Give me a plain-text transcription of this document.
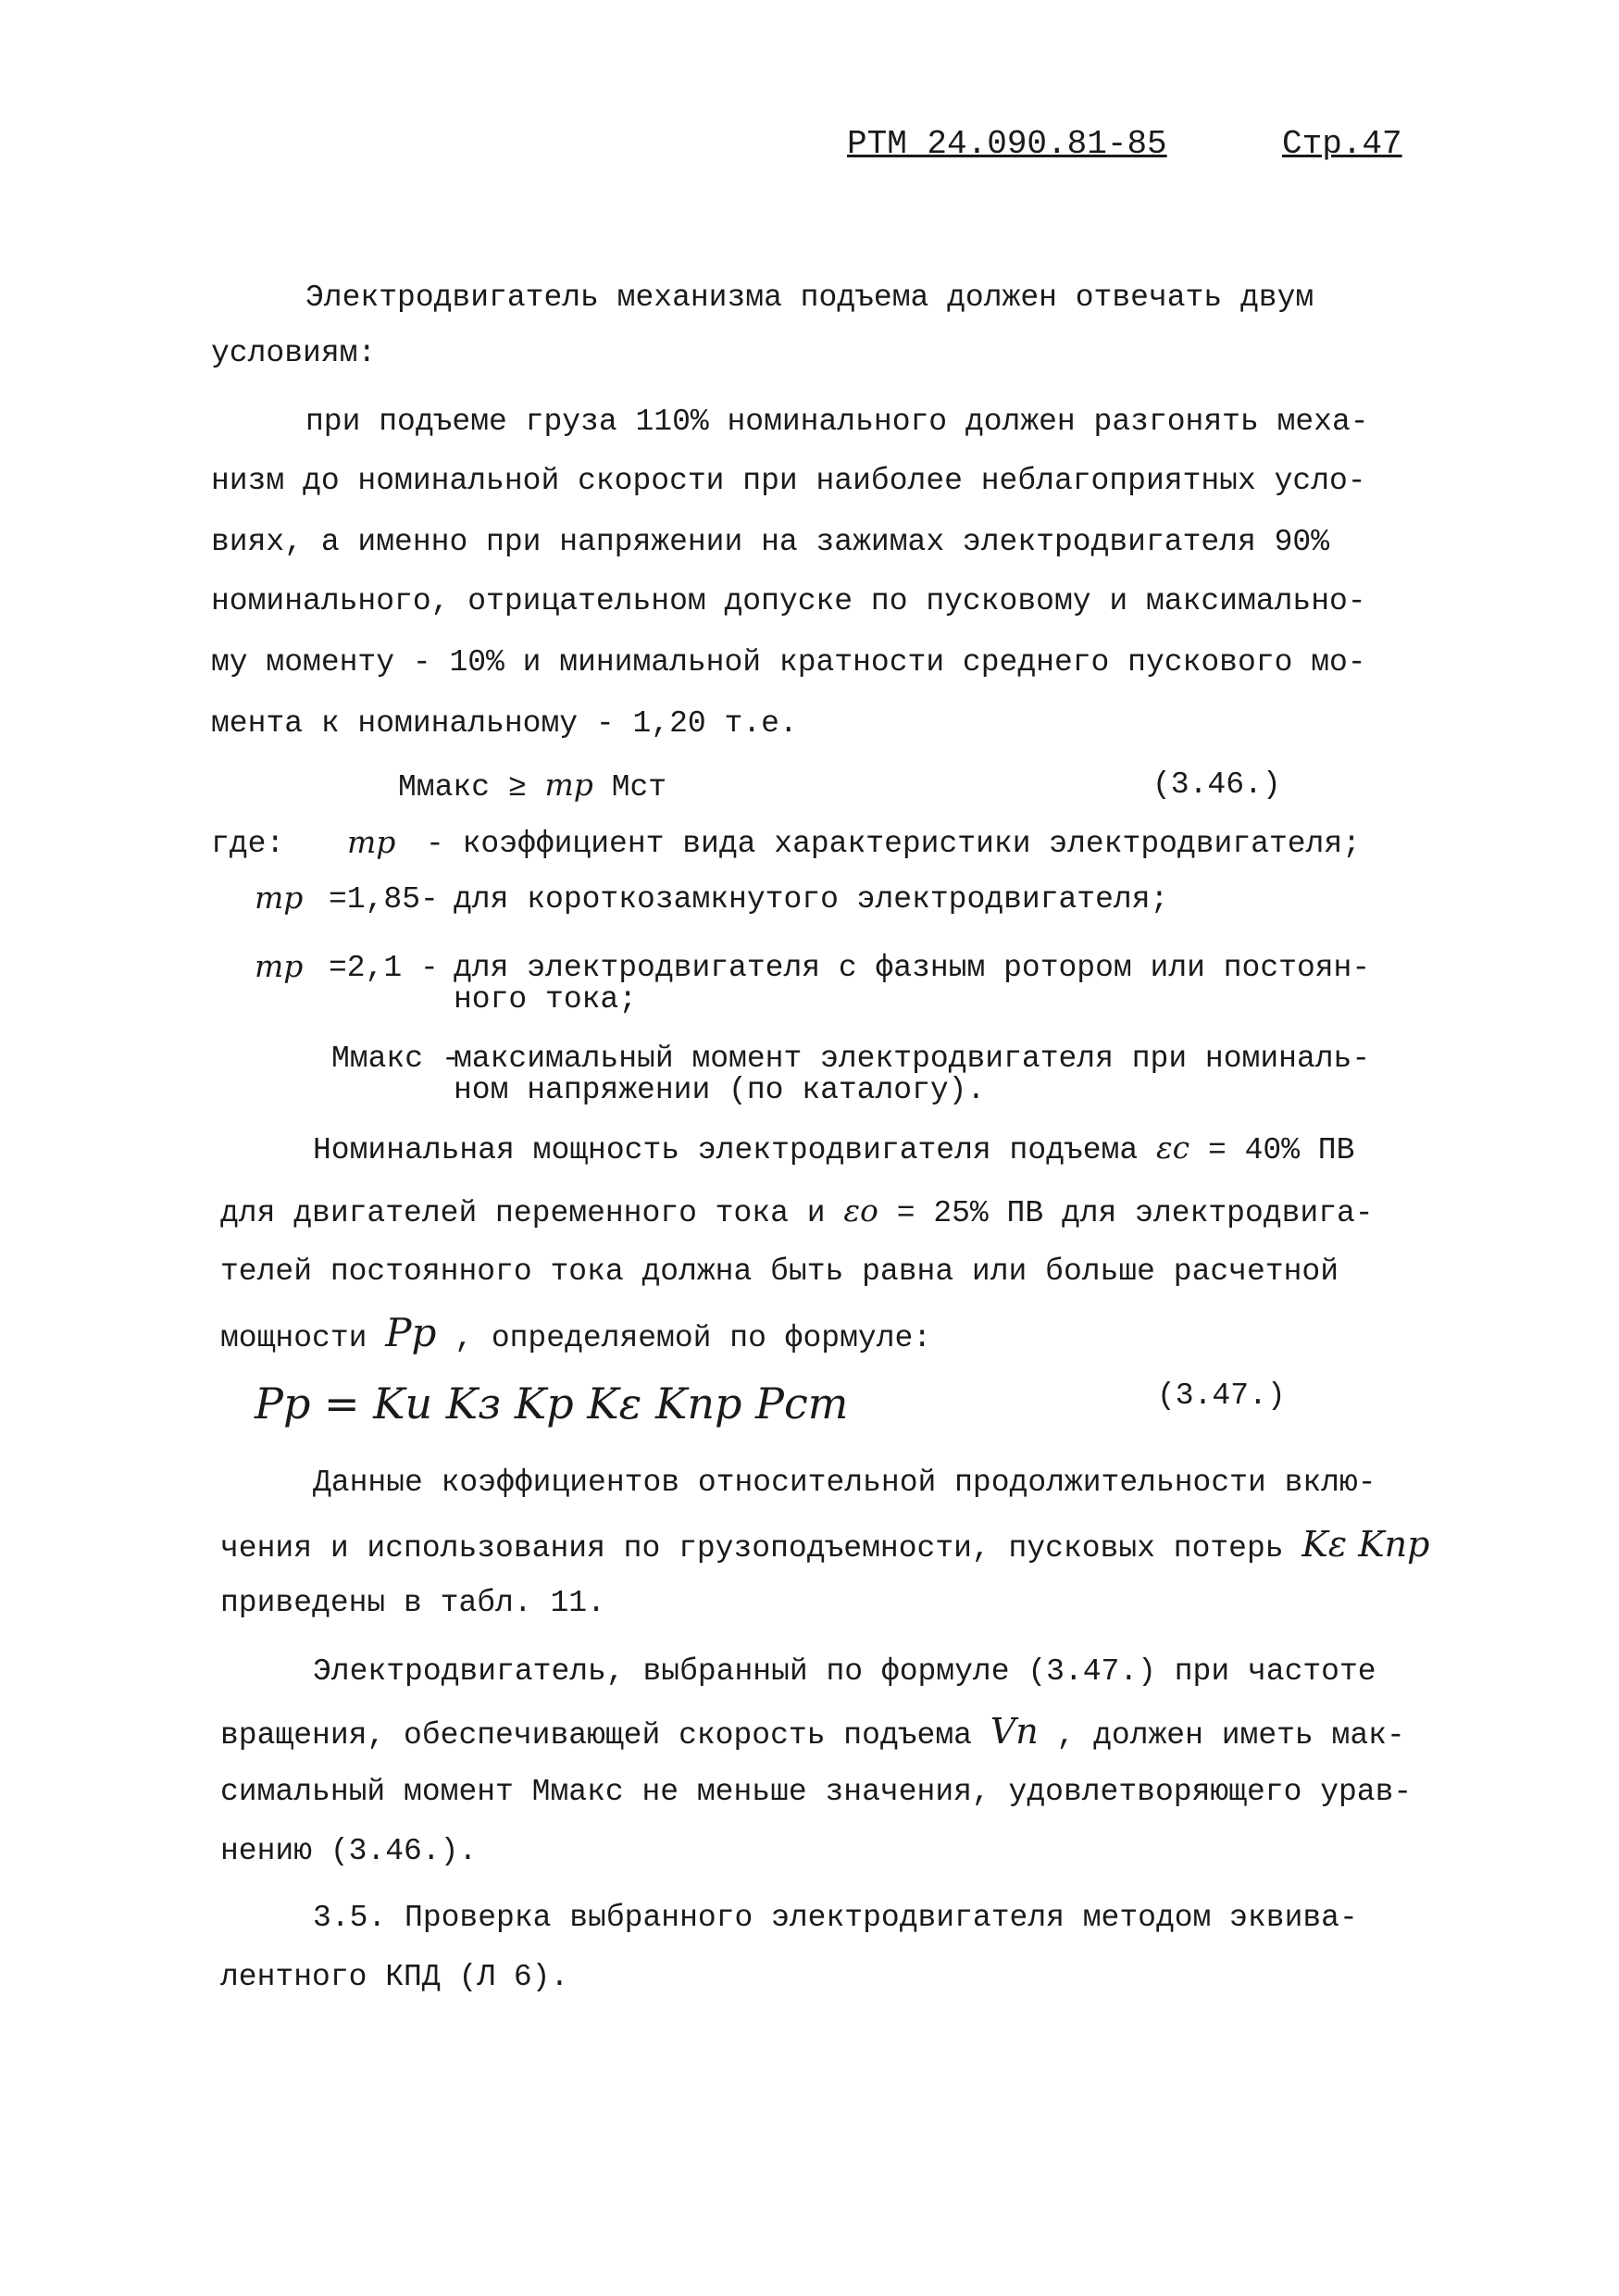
РТМ 24.090.81-85	Стр.47
Электродвигатель механизма подъема должен отвечать двум
условиям:
при подъеме груза 110% номинального должен разгонять меха-
низм до номинальной скорости при наиболее неблагоприятных усло-
виях, а именно при напряжении на зажимах электродвигателя 90%
номинального, отрицательном допуске по пусковому и максимально-
му моменту - 10% и минимальной кратности среднего пускового мо-
мента к номинальному - 1,20 т.е.
Ммакс ≥ mр Мст	(3.46.)
где: mр - коэффициент вида характеристики электродвигателя;
mр =1,85- для короткозамкнутого электродвигателя;
mр =2,1 - для электродвигателя с фазным ротором или постоян-
ного тока;
Ммакс -
максимальный момент электродвигателя при номиналь-
ном напряжении (по каталогу).
Номинальная мощность электродвигателя подъема εс = 40% ПВ
для двигателей переменного тока и εо = 25% ПВ для электродвига-
телей постоянного тока должна быть равна или больше расчетной
мощности Pр , определяемой по формуле:
Pр = Kи Kз Kр Kε Kпр Pст	(3.47.)
Данные коэффициентов относительной продолжительности вклю-
чения и использования по грузоподъемности, пусковых потерь Kε Kпр
приведены в табл. 11.
Электродвигатель, выбранный по формуле (3.47.) при частоте
вращения, обеспечивающей скорость подъема Vп , должен иметь мак-
симальный момент Ммакс не меньше значения, удовлетворяющего урав-
нению (3.46.).
3.5. Проверка выбранного электродвигателя методом эквива-
лентного КПД (Л 6).
